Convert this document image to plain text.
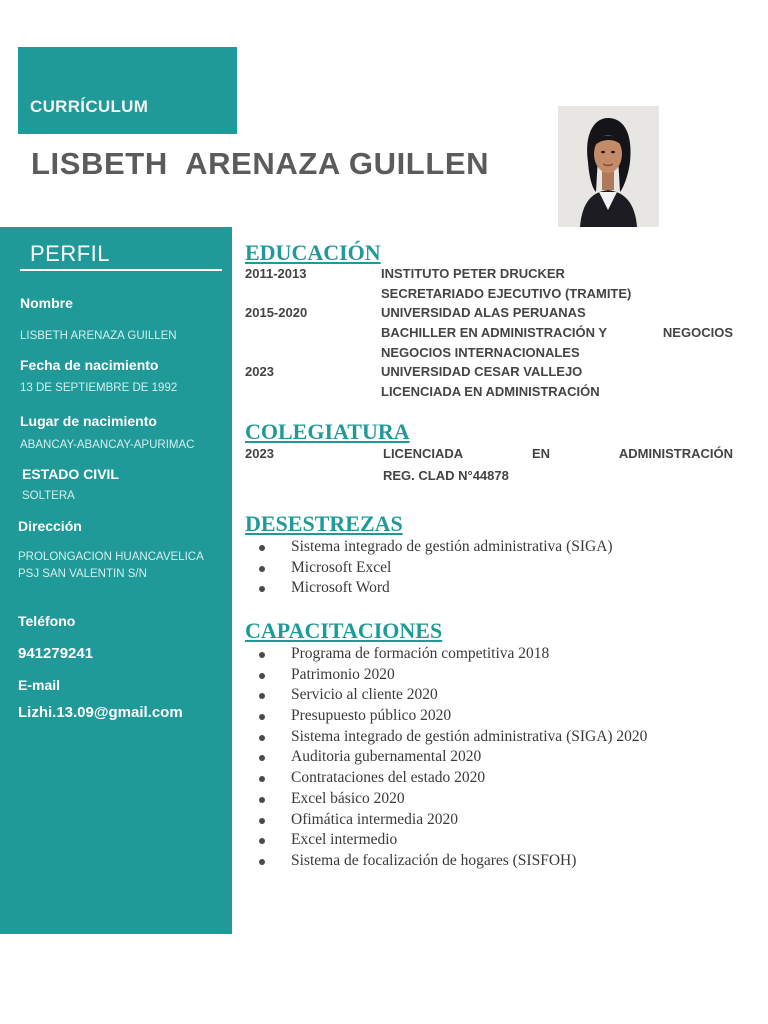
CURRÍCULUM
LISBETH  ARENAZA GUILLEN
PERFIL
Nombre
LISBETH ARENAZA GUILLEN
Fecha de nacimiento
13 DE SEPTIEMBRE DE 1992
Lugar de nacimiento
ABANCAY-ABANCAY-APURIMAC
ESTADO CIVIL
SOLTERA
Dirección
PROLONGACION HUANCAVELICA PSJ SAN VALENTIN S/N
Teléfono
941279241
E-mail
Lizhi.13.09@gmail.com
EDUCACIÓN
2011-2013	INSTITUTO PETER DRUCKER
SECRETARIADO EJECUTIVO (TRAMITE)
2015-2020	UNIVERSIDAD ALAS PERUANAS
BACHILLER EN ADMINISTRACIÓN Y	NEGOCIOS
NEGOCIOS INTERNACIONALES
2023	UNIVERSIDAD CESAR VALLEJO
LICENCIADA EN ADMINISTRACIÓN
COLEGIATURA
2023	LICENCIADA	EN	ADMINISTRACIÓN
REG. CLAD N°44878
DESESTREZAS
Sistema integrado de gestión administrativa (SIGA)
Microsoft Excel
Microsoft Word
CAPACITACIONES
Programa de formación competitiva 2018
Patrimonio 2020
Servicio al cliente 2020
Presupuesto público 2020
Sistema integrado de gestión administrativa (SIGA) 2020
Auditoria gubernamental 2020
Contrataciones del estado 2020
Excel básico 2020
Ofimática intermedia 2020
Excel intermedio
Sistema de focalización de hogares (SISFOH)
